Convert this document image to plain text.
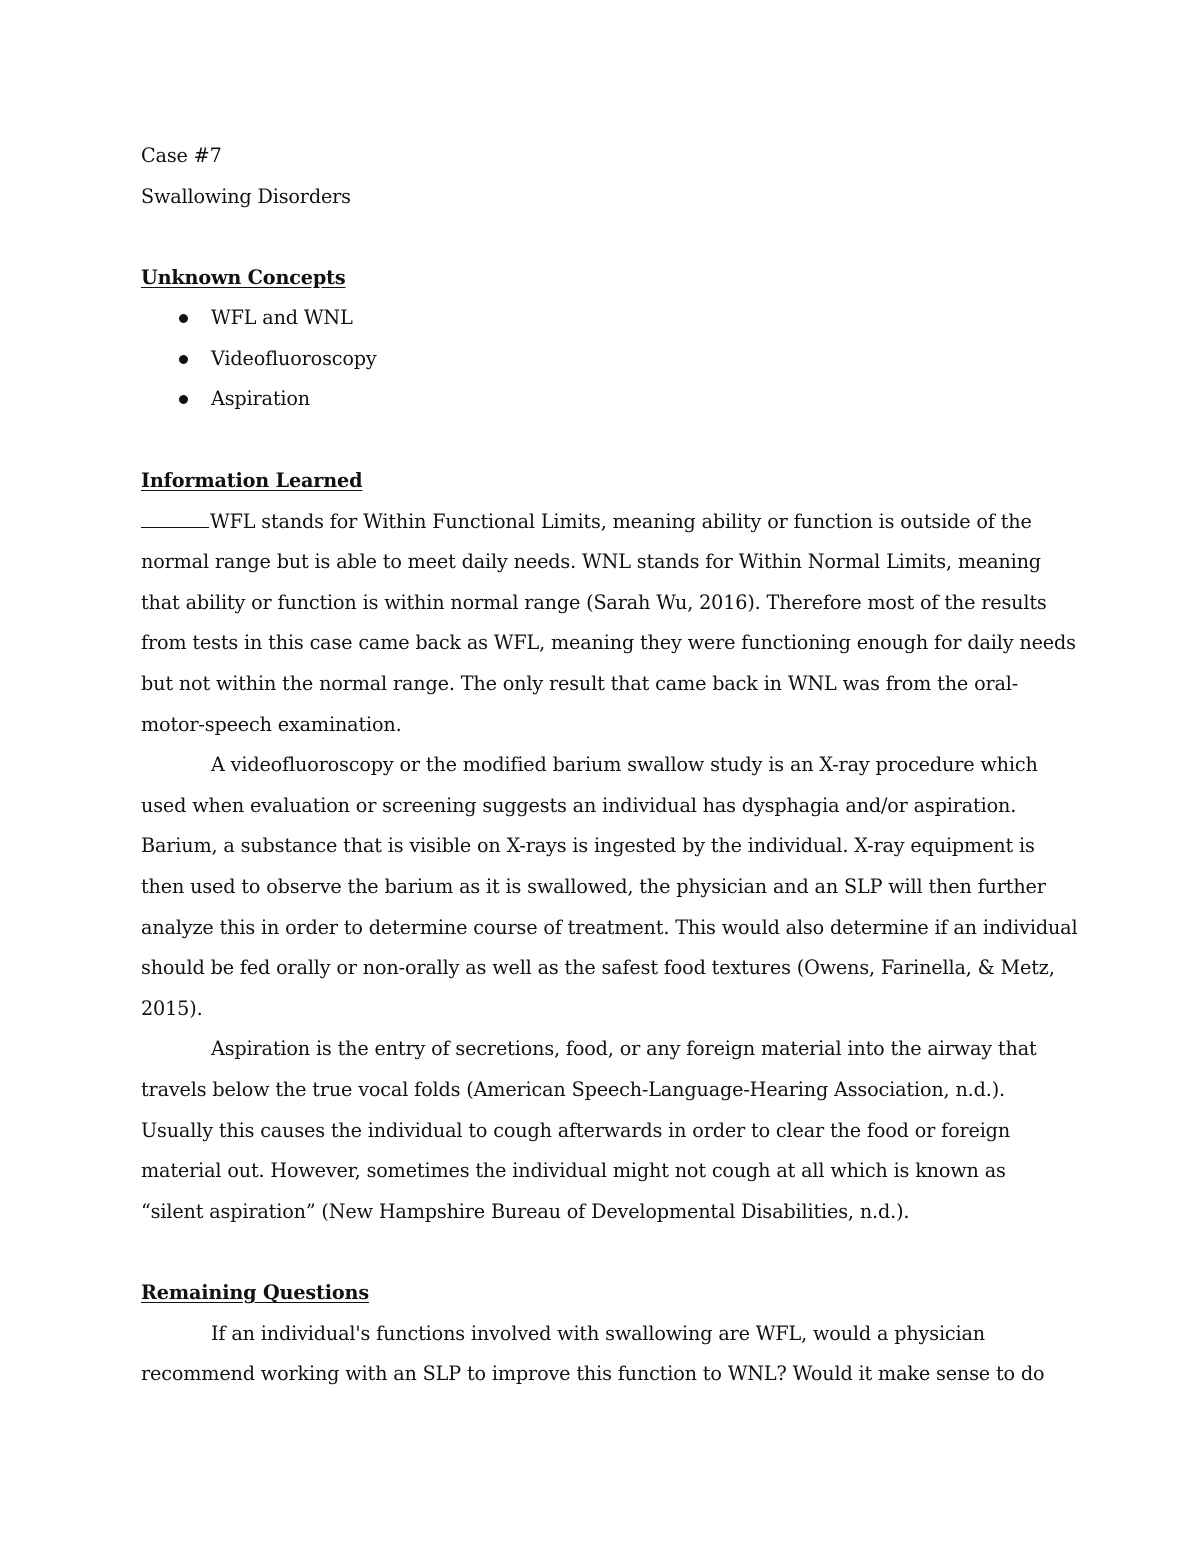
Case #7
Swallowing Disorders
Unknown Concepts
WFL and WNL
Videofluoroscopy
Aspiration
Information Learned
WFL stands for Within Functional Limits, meaning ability or function is outside of the
normal range but is able to meet daily needs. WNL stands for Within Normal Limits, meaning
that ability or function is within normal range (Sarah Wu, 2016). Therefore most of the results
from tests in this case came back as WFL, meaning they were functioning enough for daily needs
but not within the normal range. The only result that came back in WNL was from the oral-
motor-speech examination.
A videofluoroscopy or the modified barium swallow study is an X-ray procedure which
used when evaluation or screening suggests an individual has dysphagia and/or aspiration.
Barium, a substance that is visible on X-rays is ingested by the individual. X-ray equipment is
then used to observe the barium as it is swallowed, the physician and an SLP will then further
analyze this in order to determine course of treatment. This would also determine if an individual
should be fed orally or non-orally as well as the safest food textures (Owens, Farinella, & Metz,
2015).
Aspiration is the entry of secretions, food, or any foreign material into the airway that
travels below the true vocal folds (American Speech-Language-Hearing Association, n.d.).
Usually this causes the individual to cough afterwards in order to clear the food or foreign
material out. However, sometimes the individual might not cough at all which is known as
“silent aspiration” (New Hampshire Bureau of Developmental Disabilities, n.d.).
Remaining Questions
If an individual's functions involved with swallowing are WFL, would a physician
recommend working with an SLP to improve this function to WNL? Would it make sense to do
